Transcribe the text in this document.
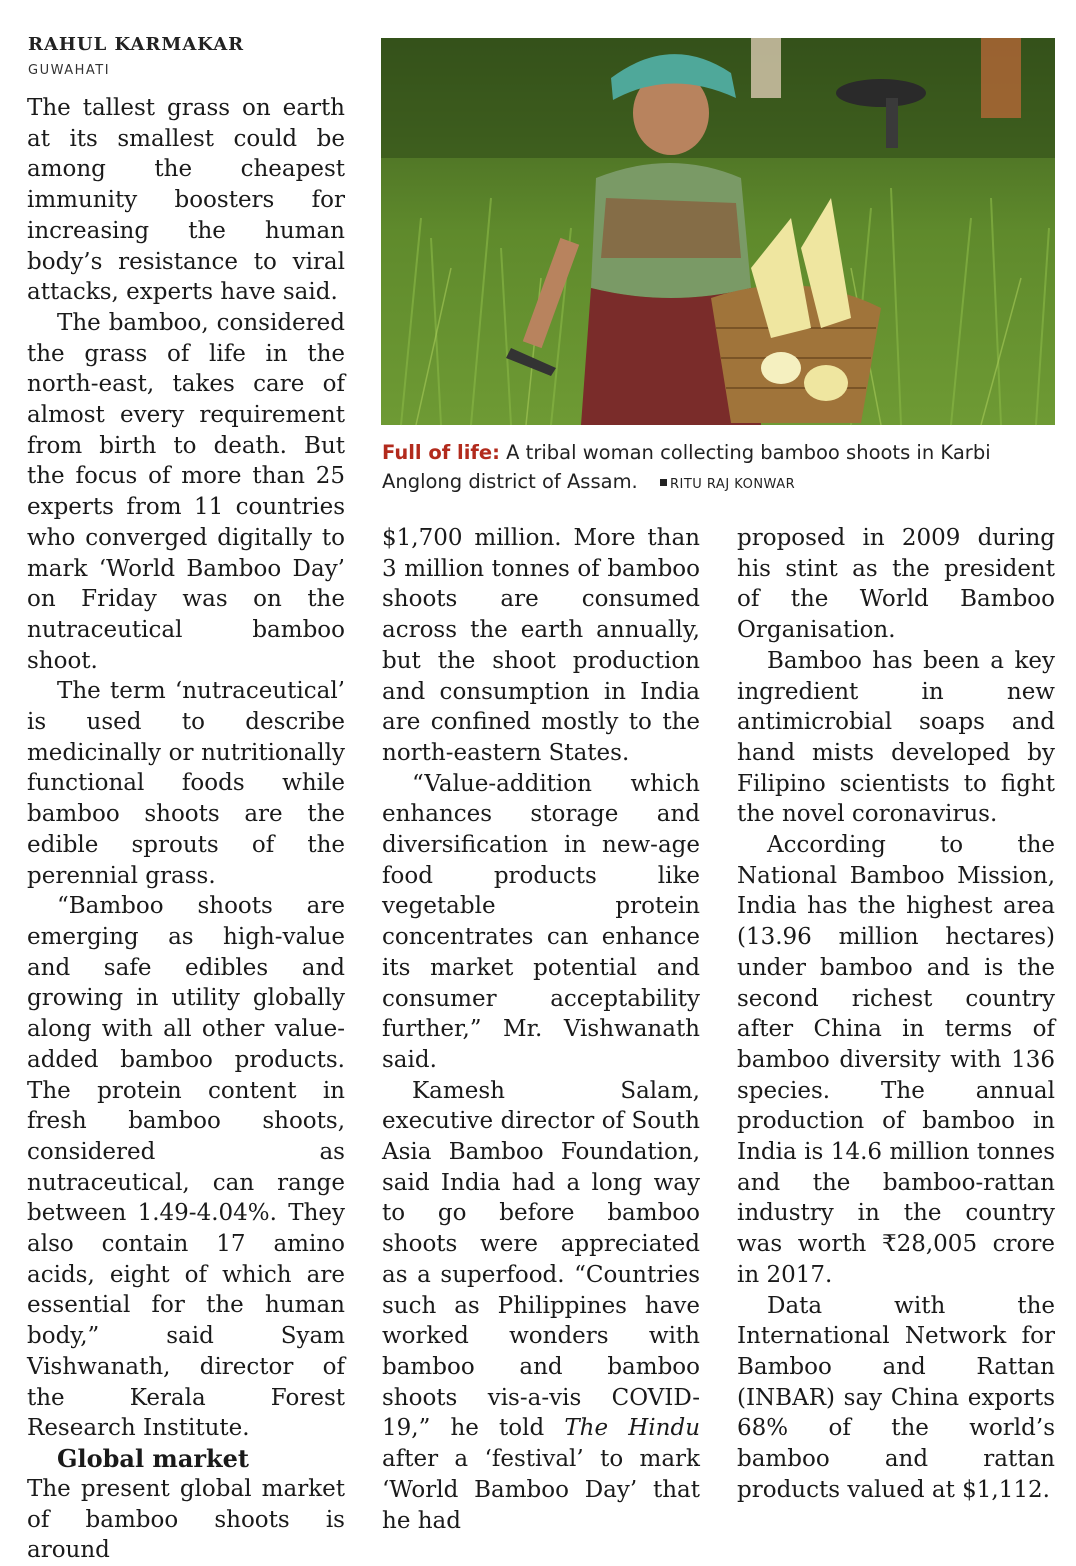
RAHUL KARMAKAR
GUWAHATI
Full of life: A tribal woman collecting bamboo shoots in Karbi Anglong district of Assam. RITU RAJ KONWAR

The tallest grass on earth at its smallest could be among the cheapest immunity boosters for increasing the human body’s resistance to viral attacks, experts have said.

The bamboo, considered the grass of life in the north-east, takes care of almost every requirement from birth to death. But the focus of more than 25 experts from 11 countries who converged digitally to mark ‘World Bamboo Day’ on Friday was on the nutraceutical bamboo shoot.

The term ‘nutraceutical’ is used to describe medicinally or nutritionally functional foods while bamboo shoots are the edible sprouts of the perennial grass.

“Bamboo shoots are emerging as high-value and safe edibles and growing in utility globally along with all other value-added bamboo products. The protein content in fresh bamboo shoots, considered as nutraceutical, can range between 1.49-4.04%. They also contain 17 amino acids, eight of which are essential for the human body,” said Syam Vishwanath, director of the Kerala Forest Research Institute.

Global market

The present global market of bamboo shoots is around

$1,700 million. More than 3 million tonnes of bamboo shoots are consumed across the earth annually, but the shoot production and consumption in India are confined mostly to the north-eastern States.

“Value-addition which enhances storage and diversification in new-age food products like vegetable protein concentrates can enhance its market potential and consumer acceptability further,” Mr. Vishwanath said.

Kamesh Salam, executive director of South Asia Bamboo Foundation, said India had a long way to go before bamboo shoots were appreciated as a superfood. “Countries such as Philippines have worked wonders with bamboo and bamboo shoots vis-a-vis COVID-19,” he told The Hindu after a ‘festival’ to mark ‘World Bamboo Day’ that he had

proposed in 2009 during his stint as the president of the World Bamboo Organisation.

Bamboo has been a key ingredient in new antimicrobial soaps and hand mists developed by Filipino scientists to fight the novel coronavirus.

According to the National Bamboo Mission, India has the highest area (13.96 million hectares) under bamboo and is the second richest country after China in terms of bamboo diversity with 136 species. The annual production of bamboo in India is 14.6 million tonnes and the bamboo-rattan industry in the country was worth ₹28,005 crore in 2017.

Data with the International Network for Bamboo and Rattan (INBAR) say China exports 68% of the world’s bamboo and rattan products valued at $1,112.
